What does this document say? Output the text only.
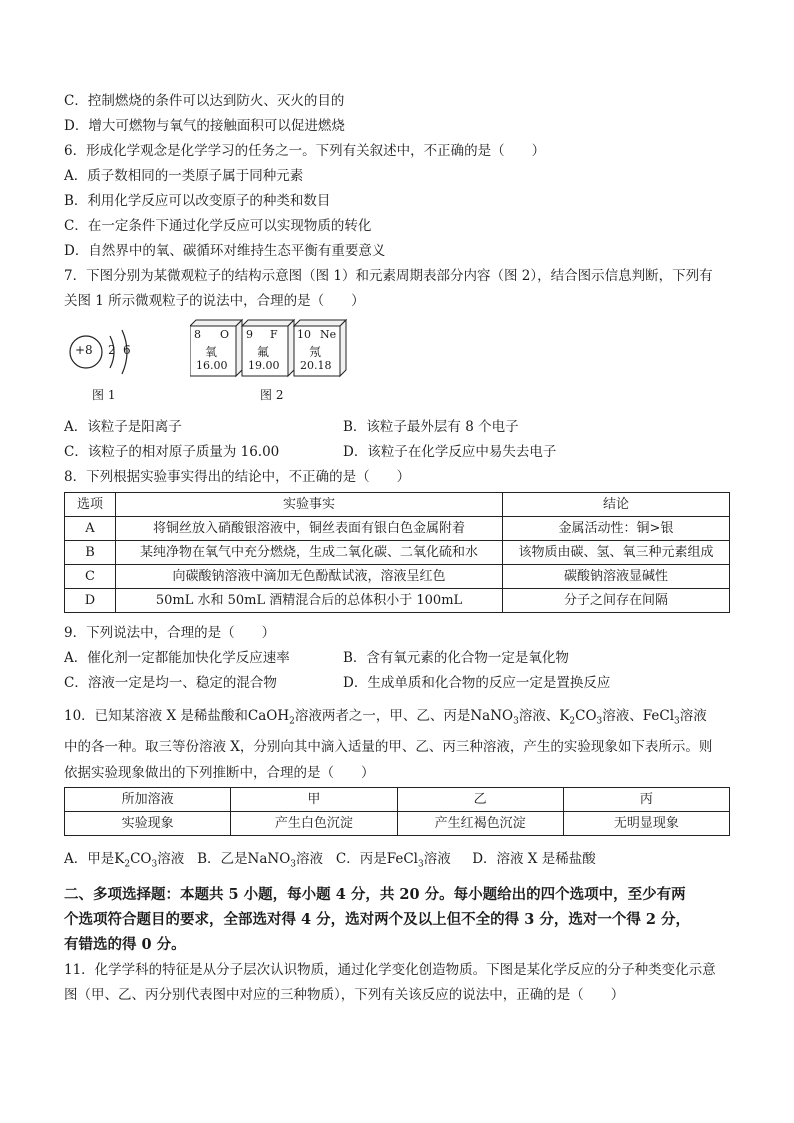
C．控制燃烧的条件可以达到防火、灭火的目的
D．增大可燃物与氧气的接触面积可以促进燃烧
6．形成化学观念是化学学习的任务之一。下列有关叙述中，不正确的是（　　）
A．质子数相同的一类原子属于同种元素
B．利用化学反应可以改变原子的种类和数目
C．在一定条件下通过化学反应可以实现物质的转化
D．自然界中的氧、碳循环对维持生态平衡有重要意义
7．下图分别为某微观粒子的结构示意图（图 1）和元素周期表部分内容（图 2），结合图示信息判断，下列有
关图 1 所示微观粒子的说法中，合理的是（　　）
+8 2 6
图 1
8 O
氧
16.00
9 F
氟
19.00
10 Ne
氖
20.18
图 2
A．该粒子是阳离子	B．该粒子最外层有 8 个电子
C．该粒子的相对原子质量为 16.00	D．该粒子在化学反应中易失去电子
8．下列根据实验事实得出的结论中，不正确的是（　　）
选项	实验事实	结论
A	将铜丝放入硝酸银溶液中，铜丝表面有银白色金属附着	金属活动性：铜>银
B	某纯净物在氧气中充分燃烧，生成二氧化碳、二氧化硫和水	该物质由碳、氢、氧三种元素组成
C	向碳酸钠溶液中滴加无色酚酞试液，溶液呈红色	碳酸钠溶液显碱性
D	50mL 水和 50mL 酒精混合后的总体积小于 100mL	分子之间存在间隔
9．下列说法中，合理的是（　　）
A．催化剂一定都能加快化学反应速率	B．含有氧元素的化合物一定是氧化物
C．溶液一定是均一、稳定的混合物	D．生成单质和化合物的反应一定是置换反应
10．已知某溶液 X 是稀盐酸和CaOH$_2$溶液两者之一，甲、乙、丙是NaNO$_3$溶液、$K_2CO_3$溶液、FeCl$_3$溶液
中的各一种。取三等份溶液 X，分别向其中滴入适量的甲、乙、丙三种溶液，产生的实验现象如下表所示。则
依据实验现象做出的下列推断中，合理的是（　　）
所加溶液	甲	乙	丙
实验现象	产生白色沉淀	产生红褐色沉淀	无明显现象
A．甲是$K_2CO_3$溶液 B．乙是NaNO$_3$溶液 C．丙是FeCl$_3$溶液 D．溶液 X 是稀盐酸
二、多项选择题：本题共 5 小题，每小题 4 分，共 20 分。每小题给出的四个选项中，至少有两
个选项符合题目的要求，全部选对得 4 分，选对两个及以上但不全的得 3 分，选对一个得 2 分，
有错选的得 0 分。
11．化学学科的特征是从分子层次认识物质，通过化学变化创造物质。下图是某化学反应的分子种类变化示意
图（甲、乙、丙分别代表图中对应的三种物质），下列有关该反应的说法中，正确的是（　　）
